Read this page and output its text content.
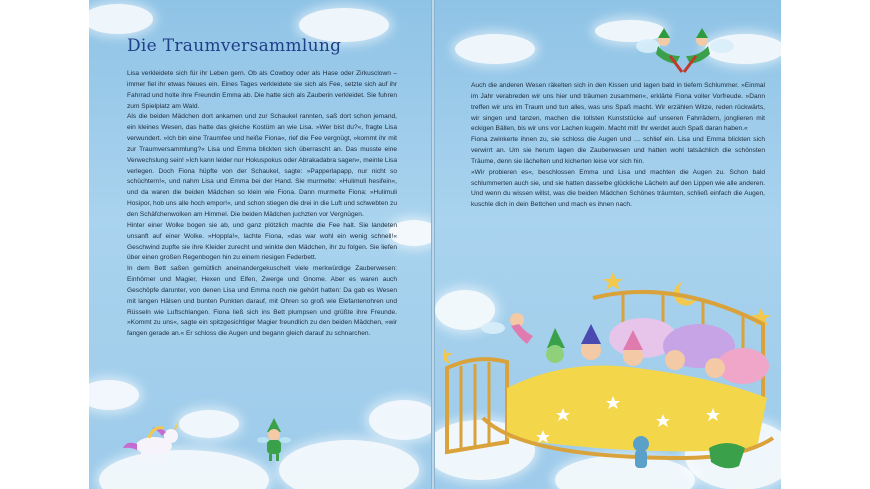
Die Traumversammlung

Lisa verkleidete sich für ihr Leben gern. Ob als Cowboy oder als Hase oder Zirkusclown – immer fiel ihr etwas Neues ein. Eines Tages verkleidete sie sich als Fee, setzte sich auf ihr Fahrrad und holte ihre Freundin Emma ab. Die hatte sich als Zauberin verkleidet. Sie fuhren zum Spielplatz am Wald.

Als die beiden Mädchen dort ankamen und zur Schaukel rannten, saß dort schon jemand, ein kleines Wesen, das hatte das gleiche Kostüm an wie Lisa. »Wer bist du?«, fragte Lisa verwundert. »Ich bin eine Traumfee und heiße Fiona«, rief die Fee vergnügt, »kommt ihr mit zur Traumversammlung?« Lisa und Emma blickten sich überrascht an. Das musste eine Verwechslung sein! »Ich kann leider nur Hokuspokus oder Abrakadabra sagen«, meinte Lisa verlegen. Doch Fiona hüpfte von der Schaukel, sagte: »Papperlapapp, nur nicht so schüchtern!«, und nahm Lisa und Emma bei der Hand. Sie murmelte: »Hulimuli hesifein«, und da waren die beiden Mädchen so klein wie Fiona. Dann murmelte Fiona: »Hulimuli Hosipor, hob uns alle hoch empor!«, und schon stiegen die drei in die Luft und schwebten zu den Schäfchenwolken am Himmel. Die beiden Mädchen juchzten vor Vergnügen.

Hinter einer Wolke bogen sie ab, und ganz plötzlich machte die Fee halt. Sie landeten unsanft auf einer Wolke. »Hoppla!«, lachte Fiona, »das war wohl ein wenig schnell!« Geschwind zupfte sie ihre Kleider zurecht und winkte den Mädchen, ihr zu folgen. Sie liefen über einen großen Regenbogen hin zu einem riesigen Federbett.

In dem Bett saßen gemütlich aneinandergekuschelt viele merkwürdige Zauberwesen: Einhörner und Magier, Hexen und Elfen, Zwerge und Gnome. Aber es waren auch Geschöpfe darunter, von denen Lisa und Emma noch nie gehört hatten: Da gab es Wesen mit langen Hälsen und bunten Punkten darauf, mit Ohren so groß wie Elefantenohren und Rüsseln wie Luftschlangen. Fiona ließ sich ins Bett plumpsen und grüßte ihre Freunde. »Kommt zu uns«, sagte ein spitzgesichtiger Magier freundlich zu den beiden Mädchen, »wir fangen gerade an.« Er schloss die Augen und begann gleich darauf zu schnarchen.

Auch die anderen Wesen räkelten sich in den Kissen und lagen bald in tiefem Schlummer. »Einmal im Jahr verabreden wir uns hier und träumen zusammen«, erklärte Fiona voller Vorfreude. »Dann treffen wir uns im Traum und tun alles, was uns Spaß macht. Wir erzählen Witze, reden rückwärts, wir singen und tanzen, machen die tollsten Kunststücke auf unseren Fahrrädern, jonglieren mit eckigen Bällen, bis wir uns vor Lachen kugeln. Macht mit! Ihr werdet auch Spaß daran haben.«

Fiona zwinkerte ihnen zu, sie schloss die Augen und … schlief ein. Lisa und Emma blickten sich verwirrt an. Um sie herum lagen die Zauberwesen und hatten wohl tatsächlich die schönsten Träume, denn sie lächelten und kicherten leise vor sich hin.

»Wir probieren es«, beschlossen Emma und Lisa und machten die Augen zu. Schon bald schlummerten auch sie, und sie hatten dasselbe glückliche Lächeln auf den Lippen wie alle anderen.

Und wenn du wissen willst, was die beiden Mädchen Schönes träumten, schließ einfach die Augen, kuschle dich in dein Bettchen und mach es ihnen nach.
